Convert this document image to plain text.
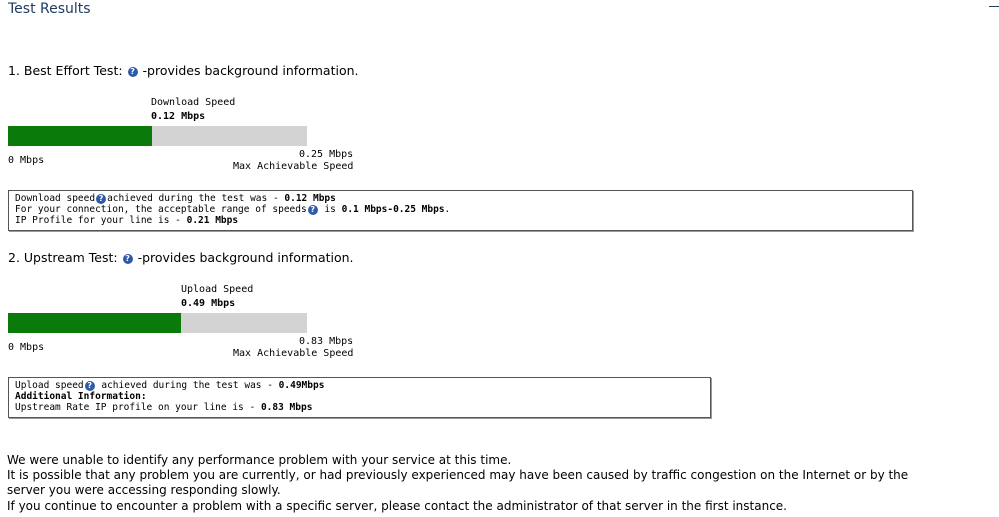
Test Results
1. Best Effort Test: ? -provides background information.
Download Speed
0.12 Mbps
0 Mbps
0.25 Mbps
Max Achievable Speed
Download speed ? achieved during the test was - 0.12 Mbps
For your connection, the acceptable range of speeds ? is 0.1 Mbps-0.25 Mbps.
IP Profile for your line is - 0.21 Mbps
2. Upstream Test: ? -provides background information.
Upload Speed
0.49 Mbps
0 Mbps
0.83 Mbps
Max Achievable Speed
Upload speed ? achieved during the test was - 0.49Mbps
Additional Information:
Upstream Rate IP profile on your line is - 0.83 Mbps
We were unable to identify any performance problem with your service at this time.
It is possible that any problem you are currently, or had previously experienced may have been caused by traffic congestion on the Internet or by the
server you were accessing responding slowly.
If you continue to encounter a problem with a specific server, please contact the administrator of that server in the first instance.
